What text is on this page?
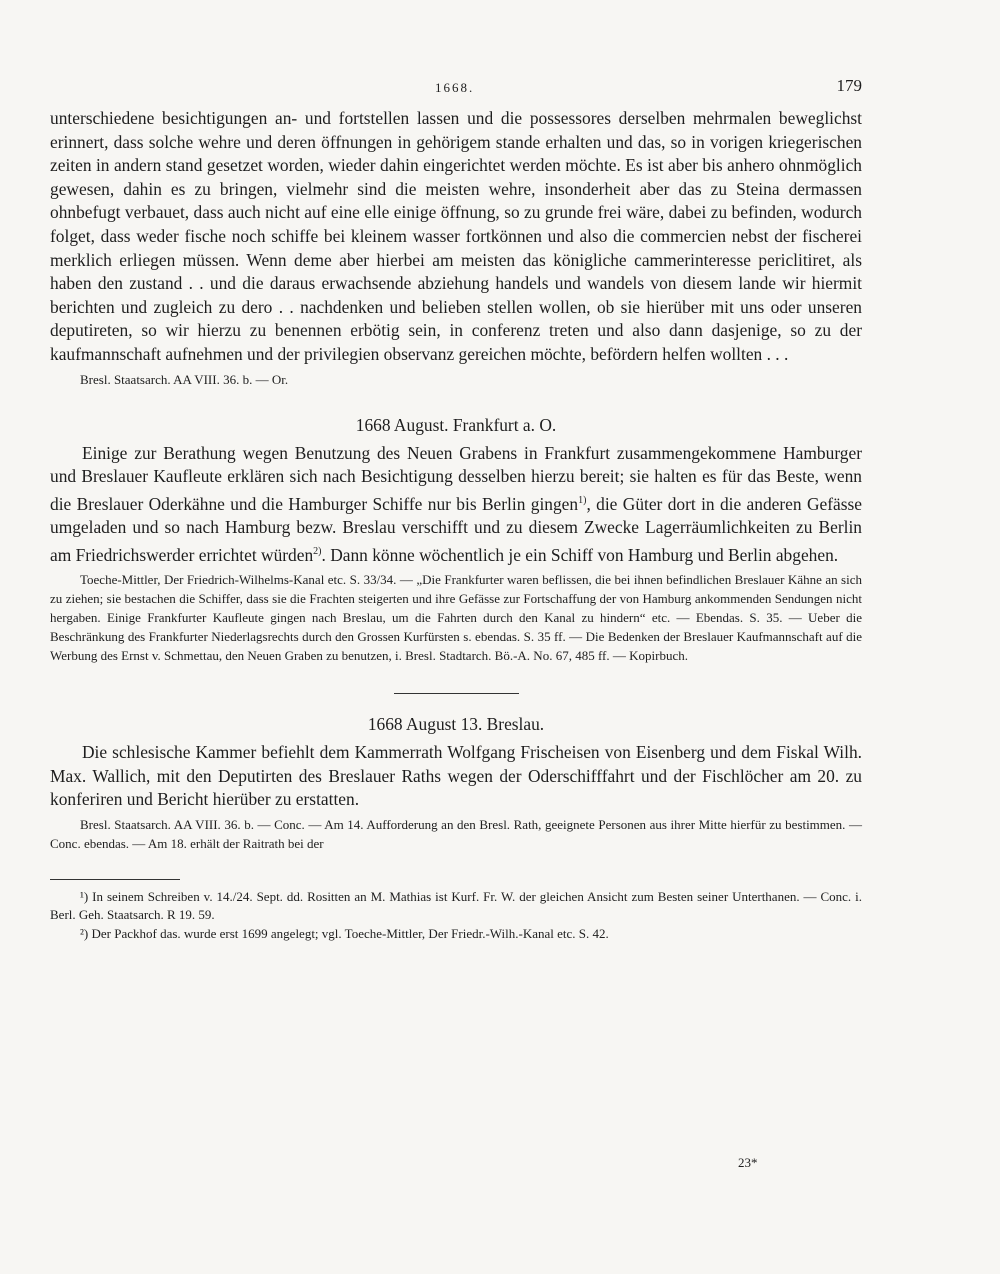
1668.	179

unterschiedene besichtigungen an- und fortstellen lassen und die possessores derselben mehrmalen beweglichst erinnert, dass solche wehre und deren öffnungen in gehörigem stande erhalten und das, so in vorigen kriegerischen zeiten in andern stand gesetzet worden, wieder dahin eingerichtet werden möchte. Es ist aber bis anhero ohnmöglich gewesen, dahin es zu bringen, vielmehr sind die meisten wehre, insonderheit aber das zu Steina dermassen ohnbefugt verbauet, dass auch nicht auf eine elle einige öffnung, so zu grunde frei wäre, dabei zu befinden, wodurch folget, dass weder fische noch schiffe bei kleinem wasser fortkönnen und also die commercien nebst der fischerei merklich erliegen müssen. Wenn deme aber hierbei am meisten das königliche cammerinteresse periclitiret, als haben den zustand . . und die daraus erwachsende abziehung handels und wandels von diesem lande wir hiermit berichten und zugleich zu dero . . nachdenken und belieben stellen wollen, ob sie hierüber mit uns oder unseren deputireten, so wir hierzu zu benennen erbötig sein, in conferenz treten und also dann dasjenige, so zu der kaufmannschaft aufnehmen und der privilegien observanz gereichen möchte, befördern helfen wollten . . .

Bresl. Staatsarch. AA VIII. 36. b. — Or.

1668 August. Frankfurt a. O.

Einige zur Berathung wegen Benutzung des Neuen Grabens in Frankfurt zusammengekommene Hamburger und Breslauer Kaufleute erklären sich nach Besichtigung desselben hierzu bereit; sie halten es für das Beste, wenn die Breslauer Oderkähne und die Hamburger Schiffe nur bis Berlin gingen$^{1)}$, die Güter dort in die anderen Gefässe umgeladen und so nach Hamburg bezw. Breslau verschifft und zu diesem Zwecke Lagerräumlichkeiten zu Berlin am Friedrichswerder errichtet würden$^{2)}$. Dann könne wöchentlich je ein Schiff von Hamburg und Berlin abgehen.

Toeche-Mittler, Der Friedrich-Wilhelms-Kanal etc. S. 33/34. — „Die Frankfurter waren beflissen, die bei ihnen befindlichen Breslauer Kähne an sich zu ziehen; sie bestachen die Schiffer, dass sie die Frachten steigerten und ihre Gefässe zur Fortschaffung der von Hamburg ankommenden Sendungen nicht hergaben. Einige Frankfurter Kaufleute gingen nach Breslau, um die Fahrten durch den Kanal zu hindern“ etc. — Ebendas. S. 35. — Ueber die Beschränkung des Frankfurter Niederlagsrechts durch den Grossen Kurfürsten s. ebendas. S. 35 ff. — Die Bedenken der Breslauer Kaufmannschaft auf die Werbung des Ernst v. Schmettau, den Neuen Graben zu benutzen, i. Bresl. Stadtarch. Bö.-A. No. 67, 485 ff. — Kopirbuch.

1668 August 13. Breslau.

Die schlesische Kammer befiehlt dem Kammerrath Wolfgang Frischeisen von Eisenberg und dem Fiskal Wilh. Max. Wallich, mit den Deputirten des Breslauer Raths wegen der Oderschifffahrt und der Fischlöcher am 20. zu konferiren und Bericht hierüber zu erstatten.

Bresl. Staatsarch. AA VIII. 36. b. — Conc. — Am 14. Aufforderung an den Bresl. Rath, geeignete Personen aus ihrer Mitte hierfür zu bestimmen. — Conc. ebendas. — Am 18. erhält der Raitrath bei der

¹) In seinem Schreiben v. 14./24. Sept. dd. Rositten an M. Mathias ist Kurf. Fr. W. der gleichen Ansicht zum Besten seiner Unterthanen. — Conc. i. Berl. Geh. Staatsarch. R 19. 59.

²) Der Packhof das. wurde erst 1699 angelegt; vgl. Toeche-Mittler, Der Friedr.-Wilh.-Kanal etc. S. 42.

23*
